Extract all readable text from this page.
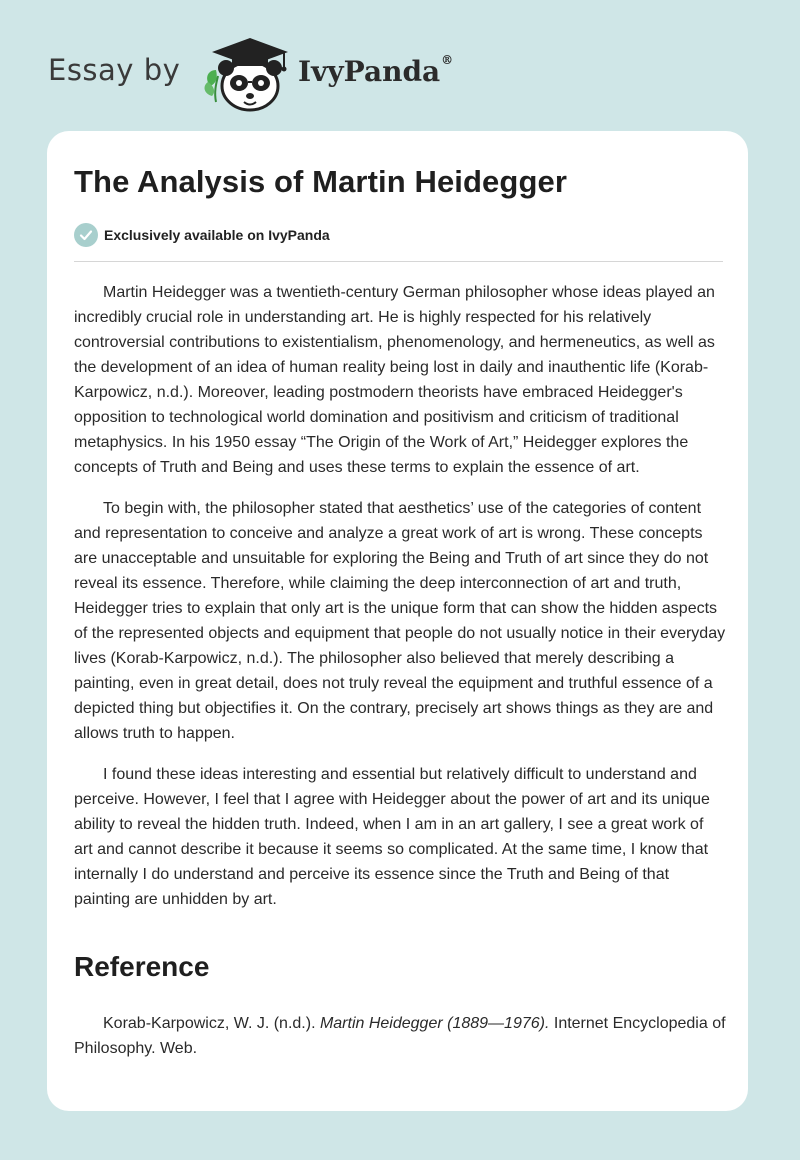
Essay by	IvyPanda®
The Analysis of Martin Heidegger
Exclusively available on IvyPanda

Martin Heidegger was a twentieth-century German philosopher whose ideas played an incredibly crucial role in understanding art. He is highly respected for his relatively controversial contributions to existentialism, phenomenology, and hermeneutics, as well as the development of an idea of human reality being lost in daily and inauthentic life (Korab-Karpowicz, n.d.). Moreover, leading postmodern theorists have embraced Heidegger's opposition to technological world domination and positivism and criticism of traditional metaphysics. In his 1950 essay “The Origin of the Work of Art,” Heidegger explores the concepts of Truth and Being and uses these terms to explain the essence of art.

To begin with, the philosopher stated that aesthetics’ use of the categories of content and representation to conceive and analyze a great work of art is wrong. These concepts are unacceptable and unsuitable for exploring the Being and Truth of art since they do not reveal its essence. Therefore, while claiming the deep interconnection of art and truth, Heidegger tries to explain that only art is the unique form that can show the hidden aspects of the represented objects and equipment that people do not usually notice in their everyday lives (Korab-Karpowicz, n.d.). The philosopher also believed that merely describing a painting, even in great detail, does not truly reveal the equipment and truthful essence of a depicted thing but objectifies it. On the contrary, precisely art shows things as they are and allows truth to happen.

I found these ideas interesting and essential but relatively difficult to understand and perceive. However, I feel that I agree with Heidegger about the power of art and its unique ability to reveal the hidden truth. Indeed, when I am in an art gallery, I see a great work of art and cannot describe it because it seems so complicated. At the same time, I know that internally I do understand and perceive its essence since the Truth and Being of that painting are unhidden by art.

Reference

Korab-Karpowicz, W. J. (n.d.). Martin Heidegger (1889—1976). Internet Encyclopedia of Philosophy. Web.
